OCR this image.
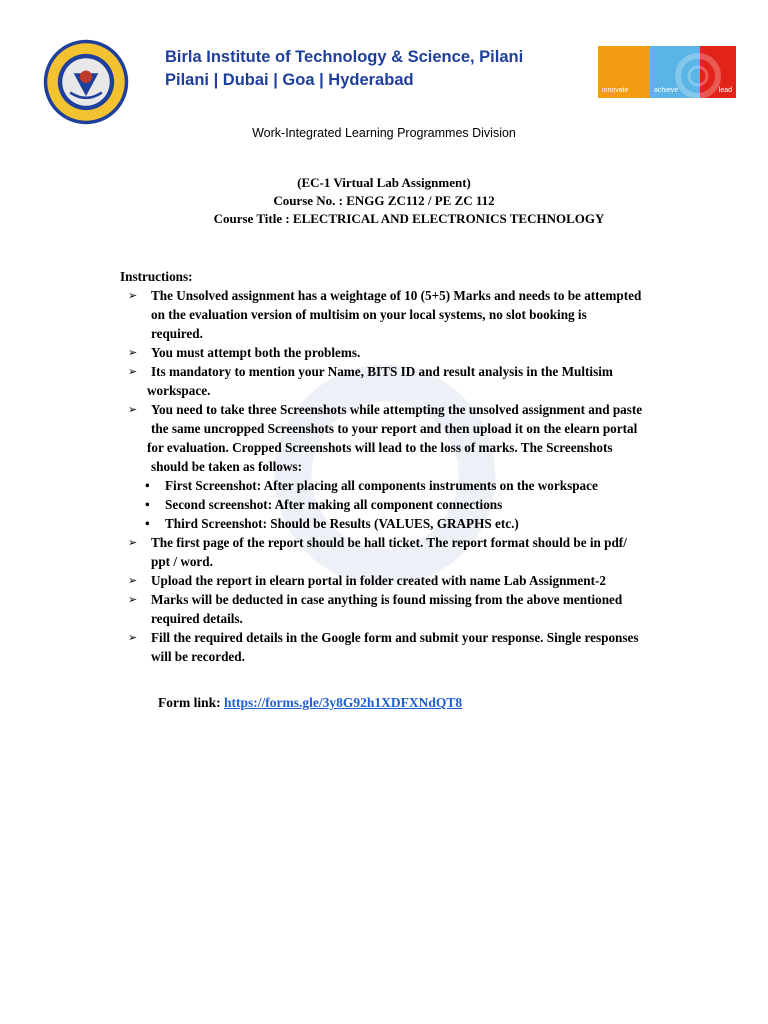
Birla Institute of Technology & Science, Pilani
Pilani | Dubai | Goa | Hyderabad
innovate	achieve	lead
Work-Integrated Learning Programmes Division
(EC-1 Virtual Lab Assignment)
Course No. : ENGG ZC112 / PE ZC 112
Course Title : ELECTRICAL AND ELECTRONICS TECHNOLOGY
Instructions:
➢ The Unsolved assignment has a weightage of 10 (5+5) Marks and needs to be attempted
on the evaluation version of multisim on your local systems, no slot booking is
required.
➢ You must attempt both the problems.
➢ Its mandatory to mention your Name, BITS ID and result analysis in the Multisim
workspace.
➢ You need to take three Screenshots while attempting the unsolved assignment and paste
the same uncropped Screenshots to your report and then upload it on the elearn portal
for evaluation. Cropped Screenshots will lead to the loss of marks. The Screenshots
should be taken as follows:
• First Screenshot: After placing all components instruments on the workspace
• Second screenshot: After making all component connections
• Third Screenshot: Should be Results (VALUES, GRAPHS etc.)
➢ The first page of the report should be hall ticket. The report format should be in pdf/
ppt / word.
➢ Upload the report in elearn portal in folder created with name Lab Assignment-2
➢ Marks will be deducted in case anything is found missing from the above mentioned
required details.
➢ Fill the required details in the Google form and submit your response. Single responses
will be recorded.
Form link: https://forms.gle/3y8G92h1XDFXNdQT8
